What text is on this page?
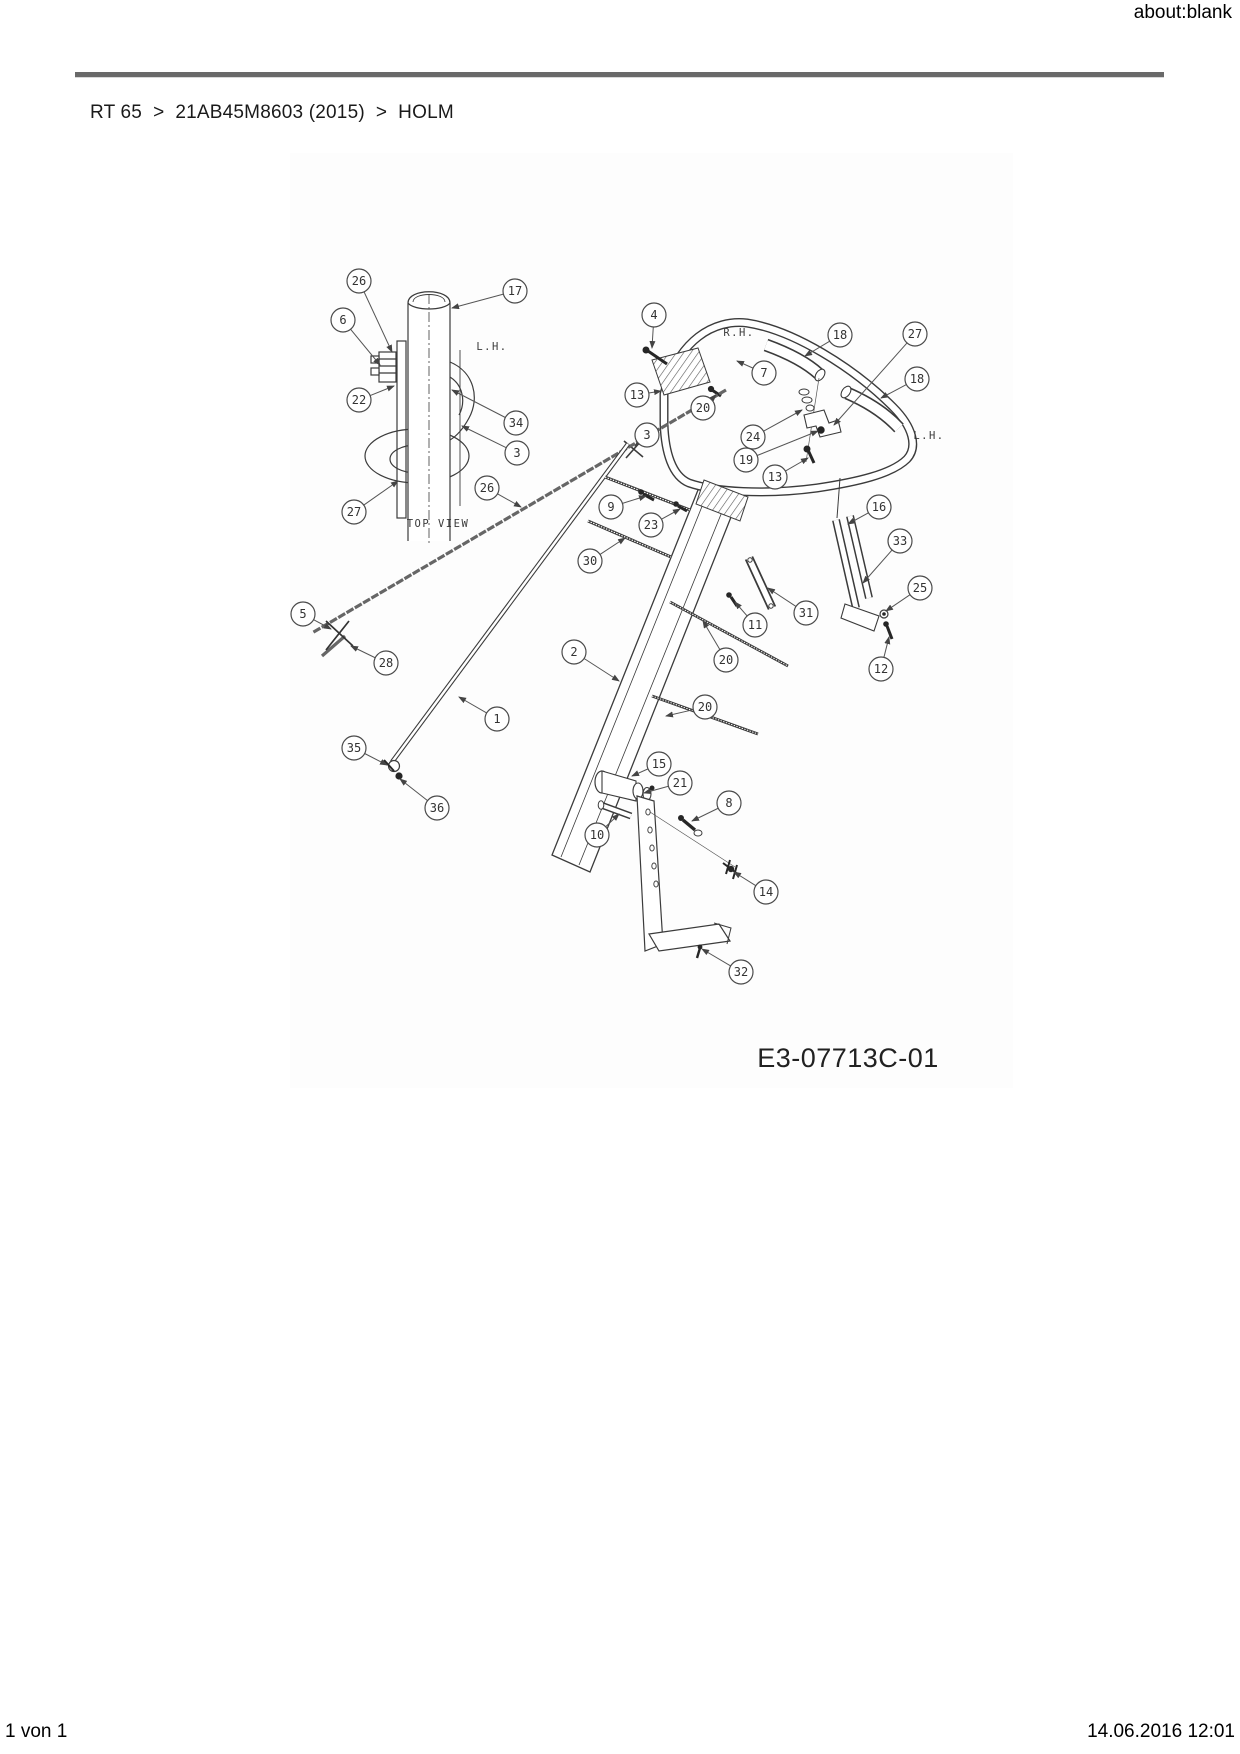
about:blank
RT 65 > 21AB45M8603 (2015) > HOLM
L.H.
TOP VIEW
R.H.
L.H.
26
6
17
22
34
3
26
27
4
13
20
3
7
18
24
19
13
27
18
16
33
25
12
9
23
30
31
11
2
20
20
5
28
1
35
36
15
21
8
10
14
32
E3-07713C-01
1 von 1	14.06.2016 12:01
